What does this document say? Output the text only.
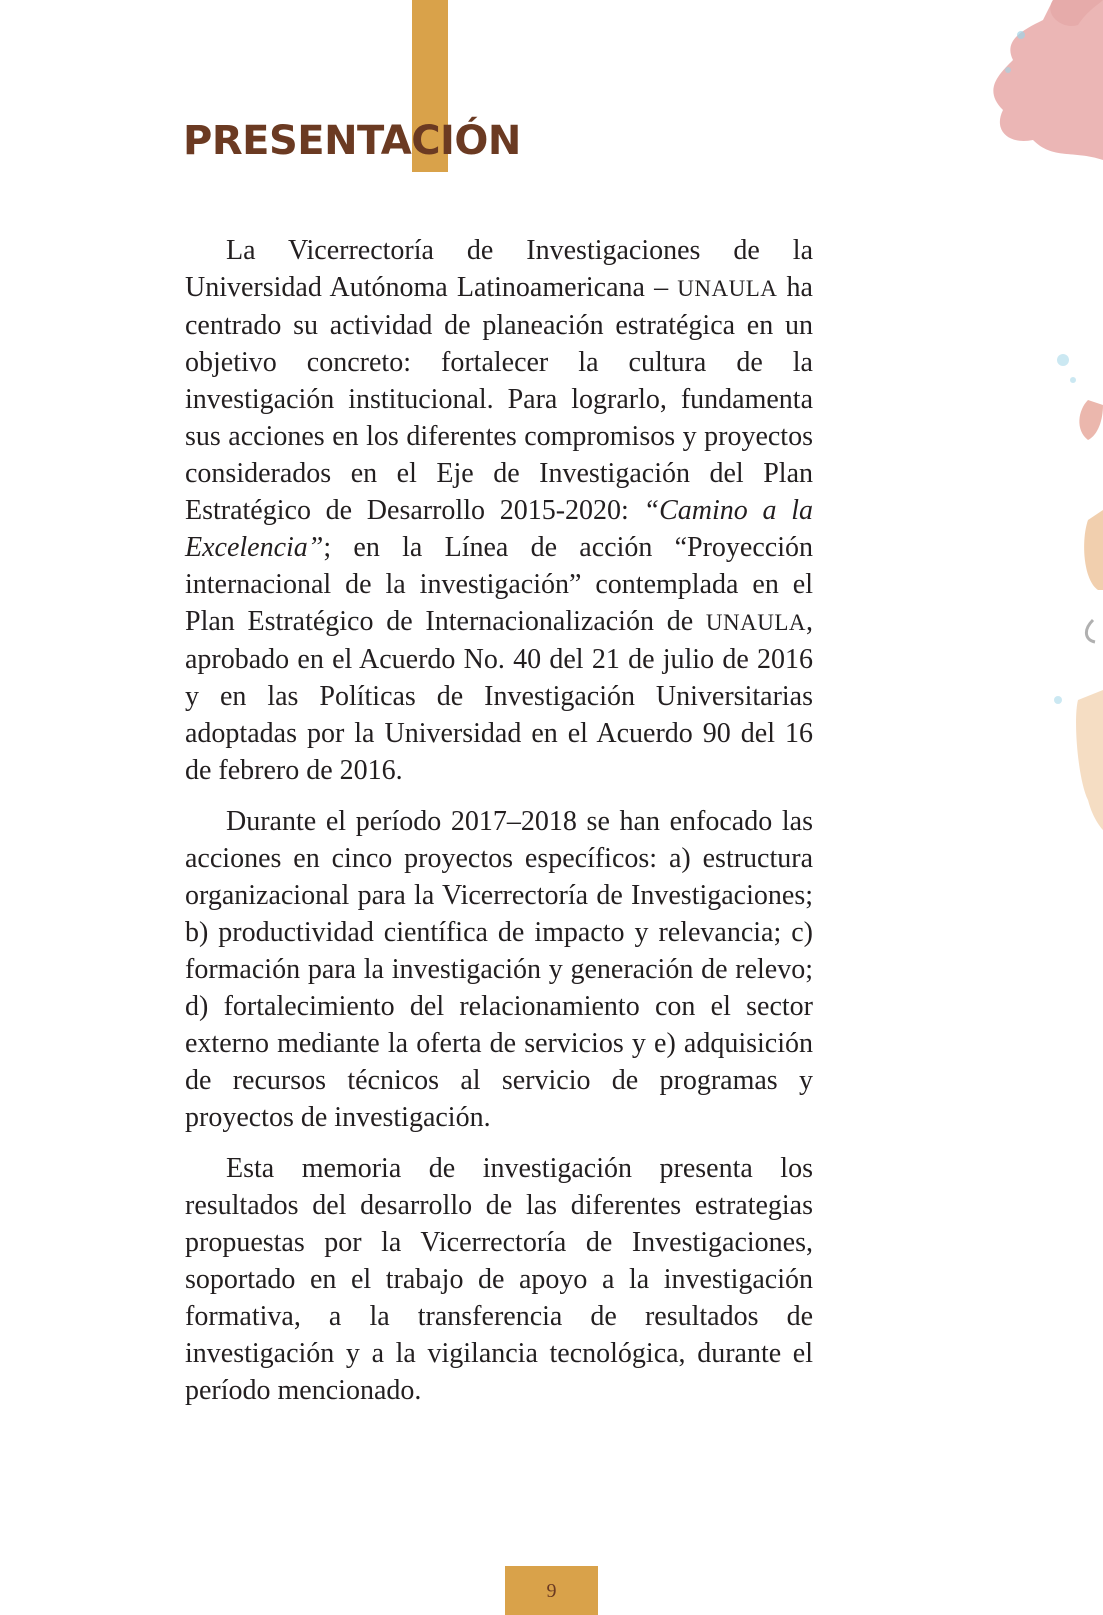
PRESENTACIÓN

La Vicerrectoría de Investigaciones de la Universidad Autónoma Latinoamericana – UNAULA ha centrado su actividad de planeación estratégica en un objetivo concreto: fortalecer la cultura de la investigación institucional. Para lograrlo, fundamenta sus acciones en los diferentes compromisos y proyectos considerados en el Eje de Investigación del Plan Estratégico de Desarrollo 2015-2020: “Camino a la Excelencia”; en la Línea de acción “Proyección internacional de la investigación” contemplada en el Plan Estratégico de Internacionalización de UNAULA, aprobado en el Acuerdo No. 40 del 21 de julio de 2016 y en las Políticas de Investigación Universitarias adoptadas por la Universidad en el Acuerdo 90 del 16 de febrero de 2016.

Durante el período 2017–2018 se han enfocado las acciones en cinco proyectos específicos: a) estructura organizacional para la Vicerrectoría de Investigaciones; b) productividad científica de impacto y relevancia; c) formación para la investigación y generación de relevo; d) fortalecimiento del relacionamiento con el sector externo mediante la oferta de servicios y e) adquisición de recursos técnicos al servicio de programas y proyectos de investigación.

Esta memoria de investigación presenta los resultados del desarrollo de las diferentes estrategias propuestas por la Vicerrectoría de Investigaciones, soportado en el trabajo de apoyo a la investigación formativa, a la transferencia de resultados de investigación y a la vigilancia tecnológica, durante el período mencionado.

9
